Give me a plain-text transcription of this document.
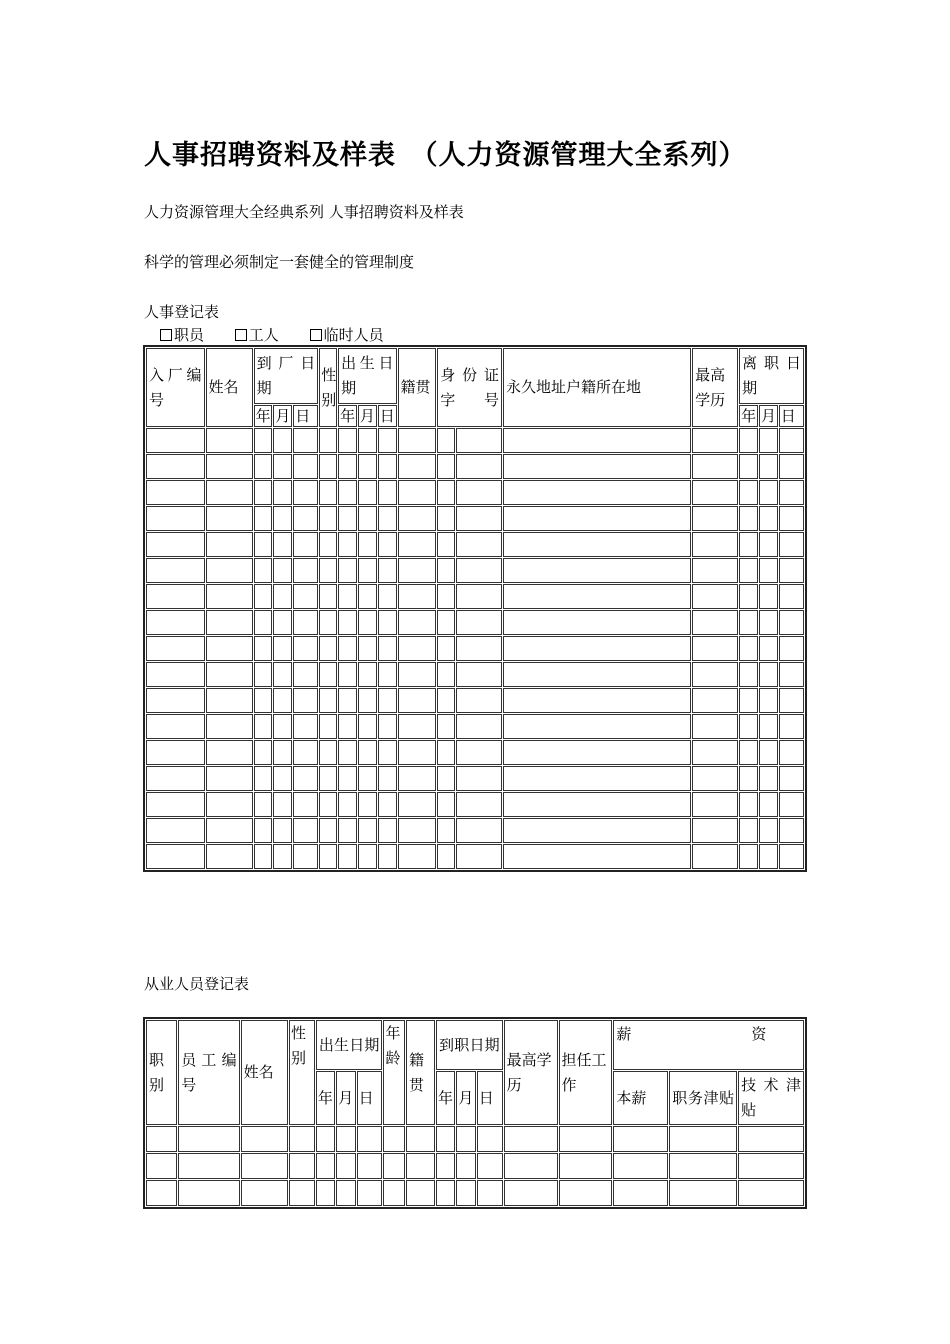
人事招聘资料及样表　（人力资源管理大全系列）
人力资源管理大全经典系列 人事招聘资料及样表
科学的管理必须制定一套健全的管理制度
人事登记表
职员	工人	临时人员
入厂编号	姓名	到厂日期			性别	出生日期			籍贯	身份证字号		永久地址户籍所在地	最高学历	离职日期		
		年	月	日		年	月	日						年	月	日

从业人员登记表
职别	员工编号	姓名	性别	出生日期			年龄	籍贯	到职日期			最高学历	担任工作	薪　　　　　　　　资		
				年	月	日			年	月	日			本薪	职务津贴	技术津贴
